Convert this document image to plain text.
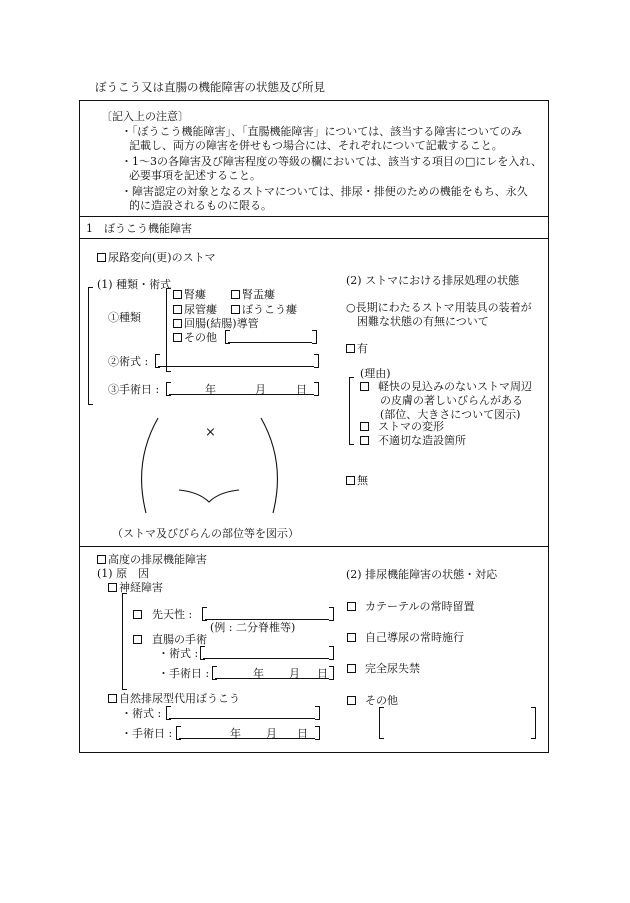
ぼうこう又は直腸の機能障害の状態及び所見
〔記入上の注意〕
・「ぼうこう機能障害」、「直腸機能障害」については、該当する障害についてのみ
記載し、両方の障害を併せもつ場合には、それぞれについて記載すること。
・1～3の各障害及び障害程度の等級の欄においては、該当する項目の□にレを入れ、
必要事項を記述すること。
・障害認定の対象となるストマについては、排尿・排便のための機能をもち、永久
的に造設されるものに限る。
1　ぼうこう機能障害
尿路変向(更)のストマ
(1) 種類・術式
①種類
腎瘻	腎盂瘻
尿管瘻	ぼうこう瘻
回腸(結腸)導管
その他
②術式 :
③手術日 :	年	月	日
×
（ストマ及びびらんの部位等を図示）
(2) ストマにおける排尿処理の状態
○長期にわたるストマ用装具の装着が
困難な状態の有無について
有
(理由)
軽快の見込みのないストマ周辺
の皮膚の著しいびらんがある
(部位、大きさについて図示)
ストマの変形
不適切な造設箇所
無
高度の排尿機能障害
(1) 原　因
神経障害
先天性 :
(例 : 二分脊椎等)
直腸の手術
・術式 :
・手術日 :	年 月 日
自然排尿型代用ぼうこう
・術式 :
・手術日 :	年 月 日
(2) 排尿機能障害の状態・対応
カテーテルの常時留置
自己導尿の常時施行
完全尿失禁
その他
